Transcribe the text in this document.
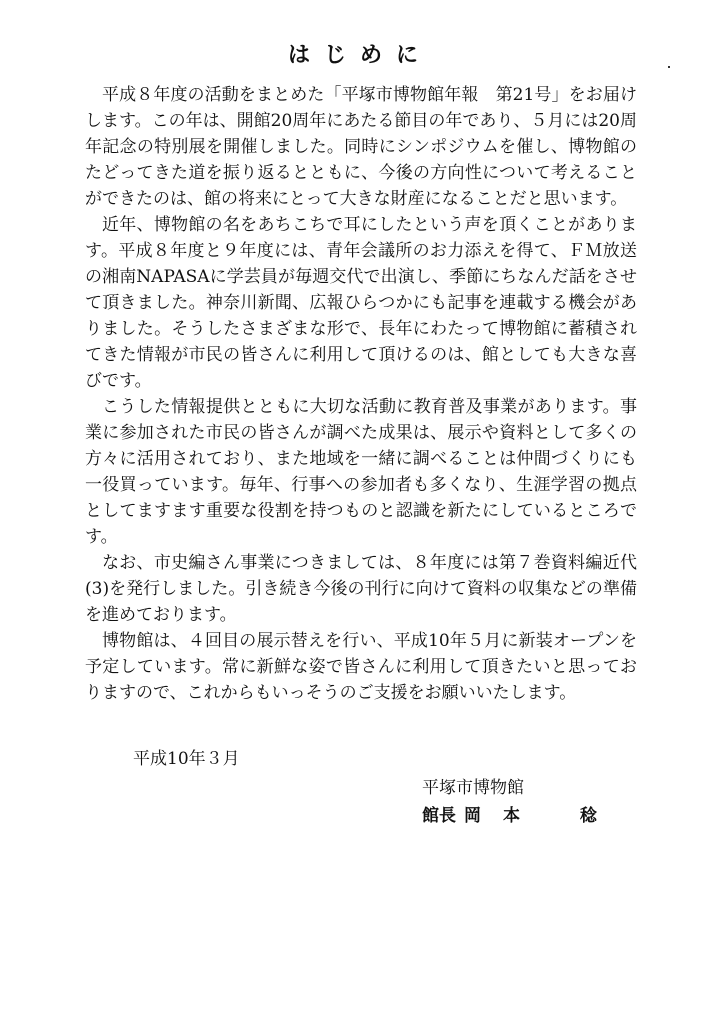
はじめに

平成８年度の活動をまとめた「平塚市博物館年報　第21号」をお届けします。この年は、開館20周年にあたる節目の年であり、５月には20周年記念の特別展を開催しました。同時にシンポジウムを催し、博物館のたどってきた道を振り返るとともに、今後の方向性について考えることができたのは、館の将来にとって大きな財産になることだと思います。

近年、博物館の名をあちこちで耳にしたという声を頂くことがあります。平成８年度と９年度には、青年会議所のお力添えを得て、ＦＭ放送の湘南NAPASAに学芸員が毎週交代で出演し、季節にちなんだ話をさせて頂きました。神奈川新聞、広報ひらつかにも記事を連載する機会がありました。そうしたさまざまな形で、長年にわたって博物館に蓄積されてきた情報が市民の皆さんに利用して頂けるのは、館としても大きな喜びです。

こうした情報提供とともに大切な活動に教育普及事業があります。事業に参加された市民の皆さんが調べた成果は、展示や資料として多くの方々に活用されており、また地域を一緒に調べることは仲間づくりにも一役買っています。毎年、行事への参加者も多くなり、生涯学習の拠点としてますます重要な役割を持つものと認識を新たにしているところです。

なお、市史編さん事業につきましては、８年度には第７巻資料編近代(3)を発行しました。引き続き今後の刊行に向けて資料の収集などの準備を進めております。

博物館は、４回目の展示替えを行い、平成10年５月に新装オープンを予定しています。常に新鮮な姿で皆さんに利用して頂きたいと思っておりますので、これからもいっそうのご支援をお願いいたします。

平成10年３月
平塚市博物館
館長 岡 本	稔
